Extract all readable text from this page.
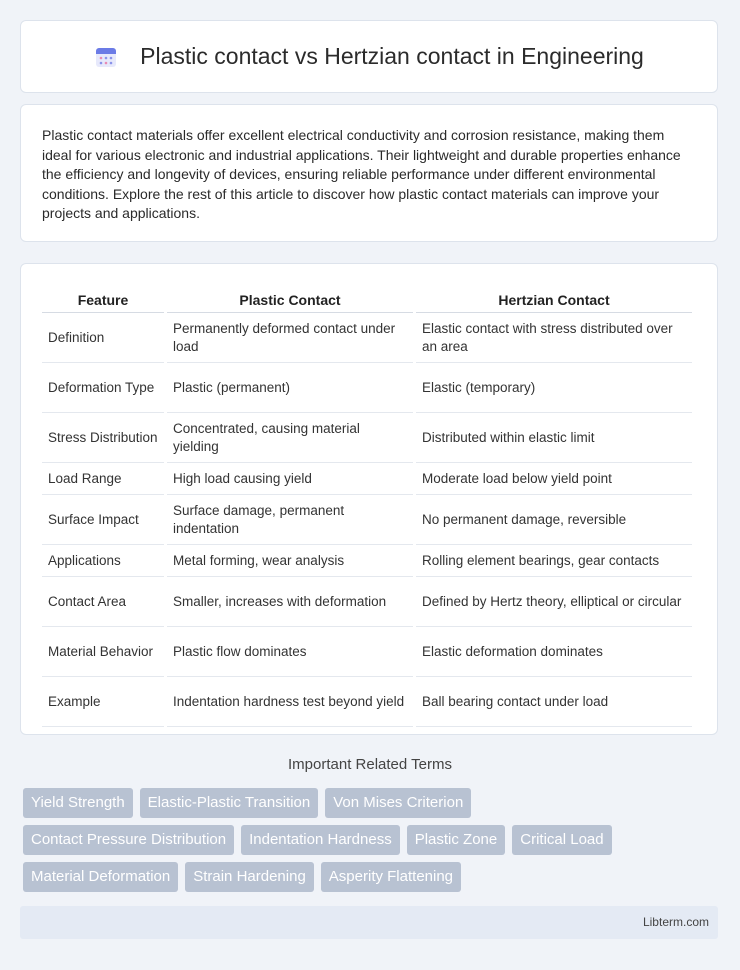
Plastic contact vs Hertzian contact in Engineering

Plastic contact materials offer excellent electrical conductivity and corrosion resistance, making them ideal for various electronic and industrial applications. Their lightweight and durable properties enhance the efficiency and longevity of devices, ensuring reliable performance under different environmental conditions. Explore the rest of this article to discover how plastic contact materials can improve your projects and applications.

Feature	Plastic Contact	Hertzian Contact
Definition	Permanently deformed contact under load	Elastic contact with stress distributed over an area
Deformation Type	Plastic (permanent)	Elastic (temporary)
Stress Distribution	Concentrated, causing material yielding	Distributed within elastic limit
Load Range	High load causing yield	Moderate load below yield point
Surface Impact	Surface damage, permanent indentation	No permanent damage, reversible
Applications	Metal forming, wear analysis	Rolling element bearings, gear contacts
Contact Area	Smaller, increases with deformation	Defined by Hertz theory, elliptical or circular
Material Behavior	Plastic flow dominates	Elastic deformation dominates
Example	Indentation hardness test beyond yield	Ball bearing contact under load
Important Related Terms
Yield Strength	Elastic-Plastic Transition	Von Mises Criterion
Contact Pressure Distribution	Indentation Hardness	Plastic Zone	Critical Load
Material Deformation	Strain Hardening	Asperity Flattening
Libterm.com
